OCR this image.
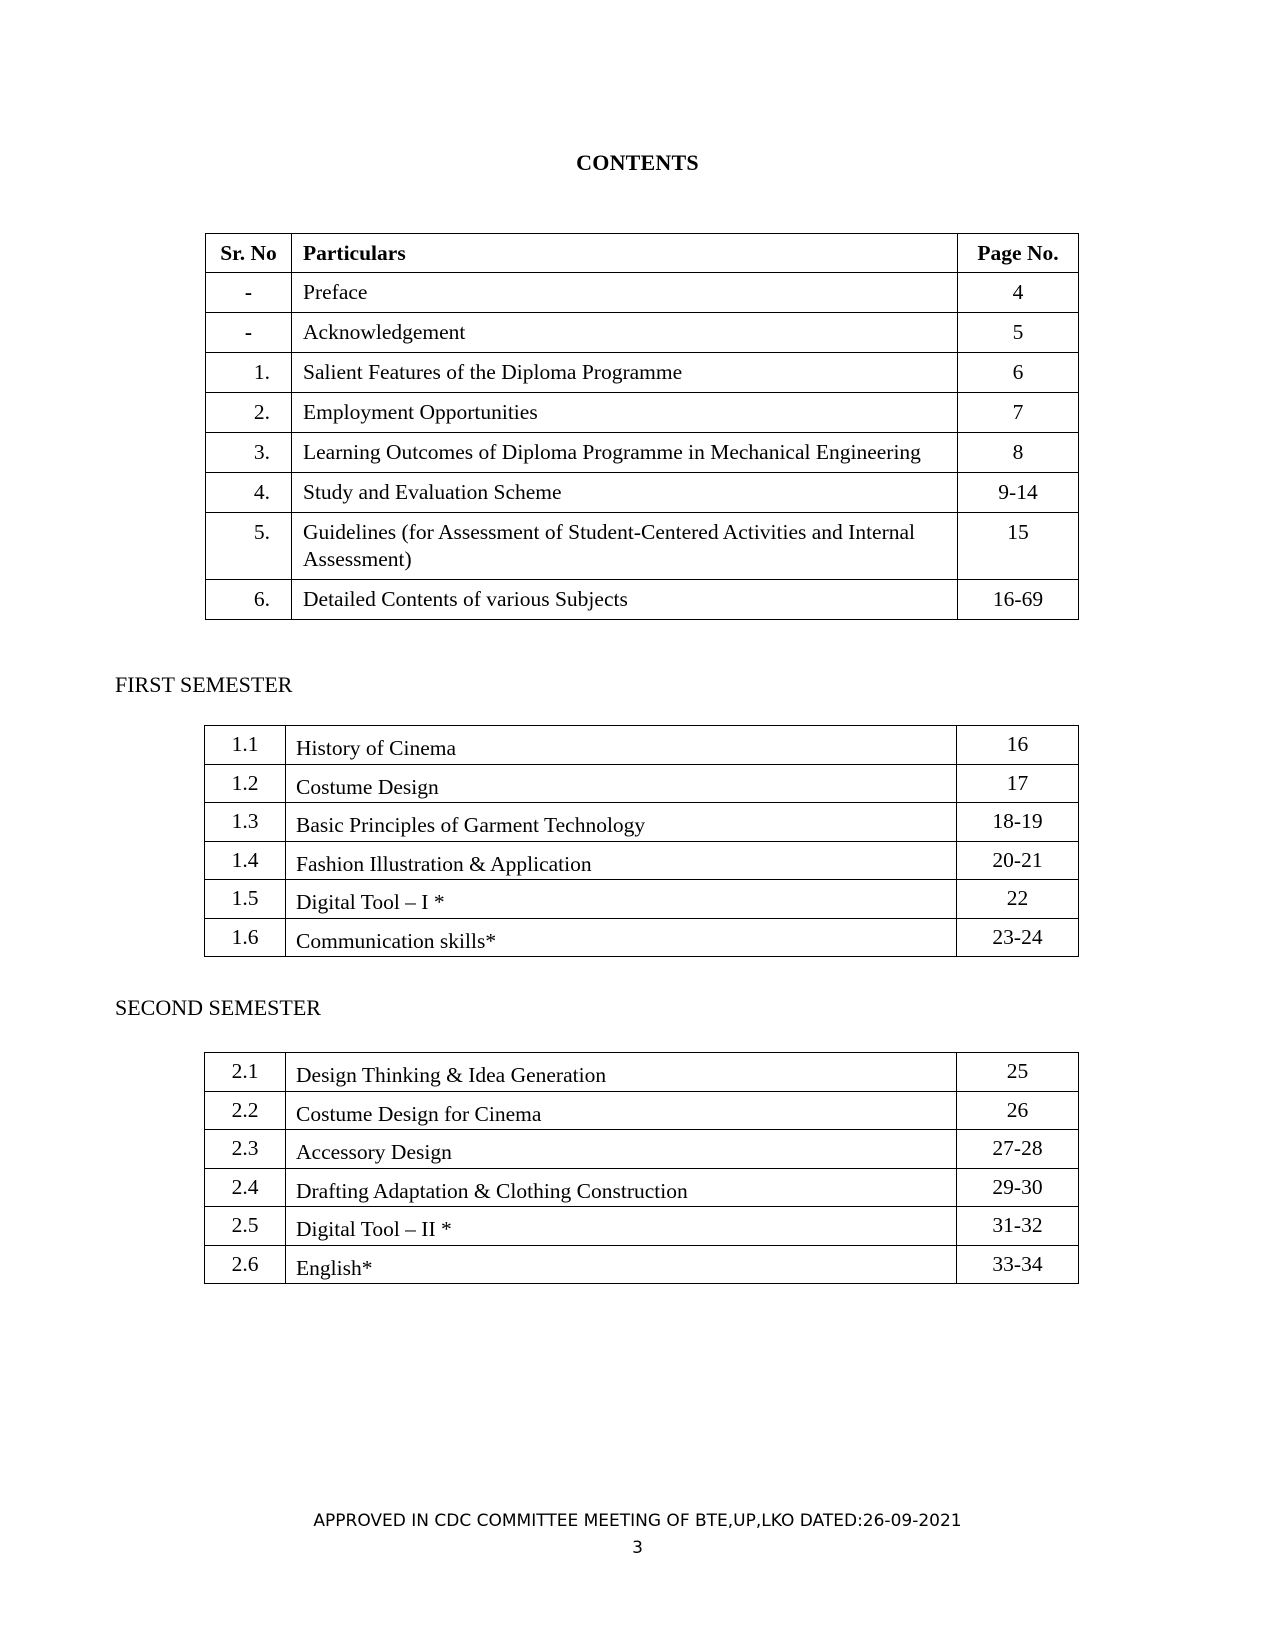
CONTENTS
Sr. No	Particulars	Page No.
-	Preface	4
-	Acknowledgement	5
1.	Salient Features of the Diploma Programme	6
2.	Employment Opportunities	7
3.	Learning Outcomes of Diploma Programme in Mechanical Engineering	8
4.	Study and Evaluation Scheme	9-14
5.	Guidelines (for Assessment of Student-Centered Activities and Internal Assessment)	15
6.	Detailed Contents of various Subjects	16-69
FIRST SEMESTER
1.1	History of Cinema	16
1.2	Costume Design	17
1.3	Basic Principles of Garment Technology	18-19
1.4	Fashion Illustration & Application	20-21
1.5	Digital Tool – I *	22
1.6	Communication skills*	23-24
SECOND SEMESTER
2.1	Design Thinking & Idea Generation	25
2.2	Costume Design for Cinema	26
2.3	Accessory Design	27-28
2.4	Drafting Adaptation & Clothing Construction	29-30
2.5	Digital Tool – II *	31-32
2.6	English*	33-34
APPROVED IN CDC COMMITTEE MEETING OF BTE,UP,LKO DATED:26-09-2021
3
